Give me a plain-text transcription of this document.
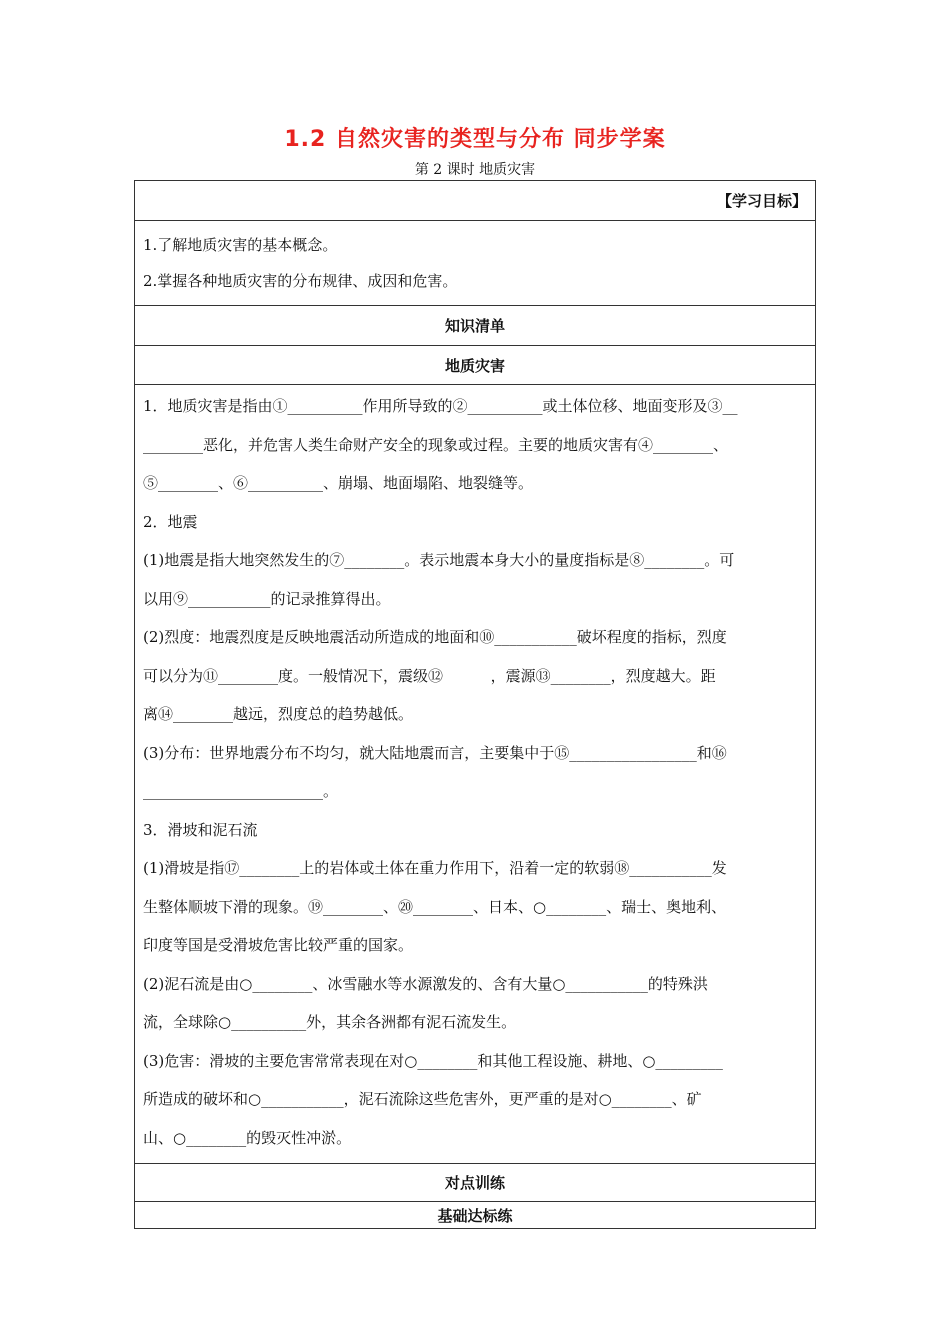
1.2 自然灾害的类型与分布 同步学案
第 2 课时 地质灾害
【学习目标】

1.了解地质灾害的基本概念。

2.掌握各种地质灾害的分布规律、成因和危害。

知识清单
地质灾害

1．地质灾害是指由①__________作用所导致的②__________或土体位移、地面变形及③__

________恶化，并危害人类生命财产安全的现象或过程。主要的地质灾害有④________、

⑤________、⑥__________、崩塌、地面塌陷、地裂缝等。

2．地震

(1)地震是指大地突然发生的⑦________。表示地震本身大小的量度指标是⑧________。可

以用⑨___________的记录推算得出。

(2)烈度：地震烈度是反映地震活动所造成的地面和⑩___________破坏程度的指标，烈度

可以分为⑪________度。一般情况下，震级⑫          ，震源⑬________，烈度越大。距

离⑭________越远，烈度总的趋势越低。

(3)分布：世界地震分布不均匀，就大陆地震而言，主要集中于⑮_________________和⑯

________________________。

3．滑坡和泥石流

(1)滑坡是指⑰________上的岩体或土体在重力作用下，沿着一定的软弱⑱___________发

生整体顺坡下滑的现象。⑲________、⑳________、日本、○________、瑞士、奥地利、

印度等国是受滑坡危害比较严重的国家。

(2)泥石流是由○________、冰雪融水等水源激发的、含有大量○___________的特殊洪

流，全球除○__________外，其余各洲都有泥石流发生。

(3)危害：滑坡的主要危害常常表现在对○________和其他工程设施、耕地、○_________

所造成的破坏和○___________，泥石流除这些危害外，更严重的是对○________、矿

山、○________的毁灭性冲淤。

对点训练
基础达标练
